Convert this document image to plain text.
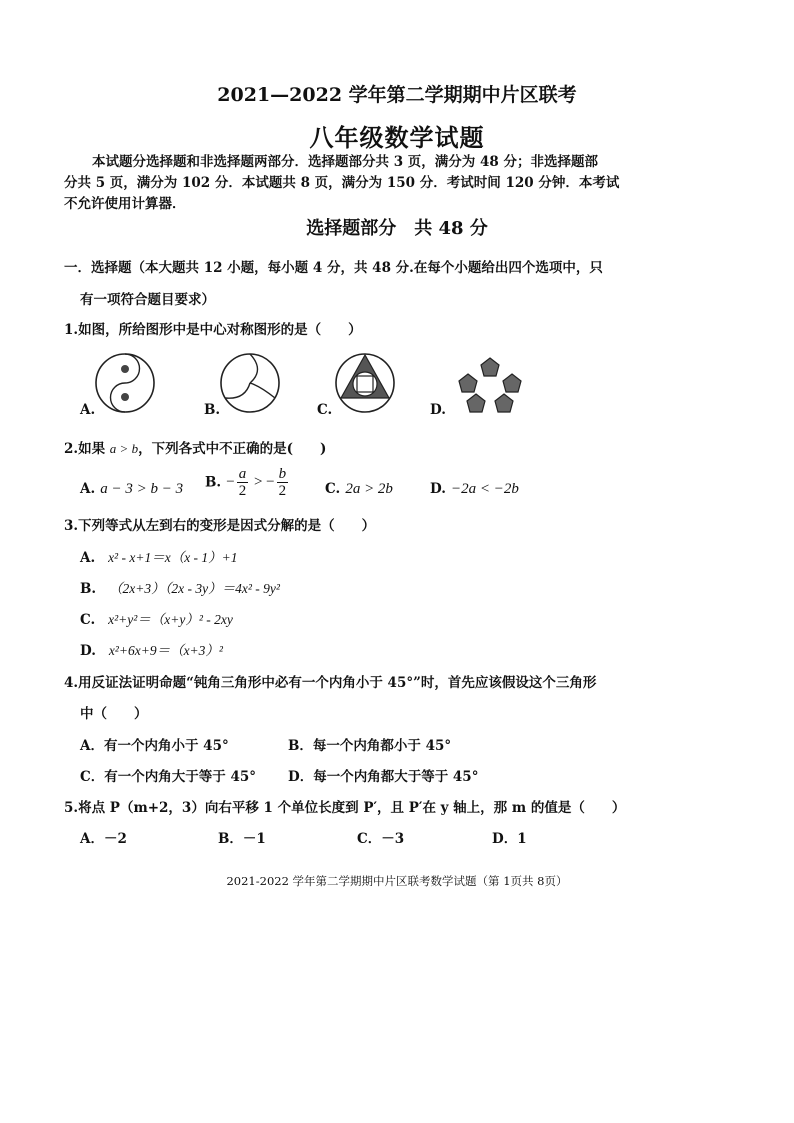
2021—2022 学年第二学期期中片区联考
八年级数学试题
本试题分选择题和非选择题两部分．选择题部分共 3 页，满分为 48 分；非选择题部
分共 5 页，满分为 102 分．本试题共 8 页，满分为 150 分．考试时间 120 分钟．本考试
不允许使用计算器．
选择题部分　共 48 分
一．选择题（本大题共 12 小题，每小题 4 分，共 48 分.在每个小题给出四个选项中，只
有一项符合题目要求）
1.如图，所给图形中是中心对称图形的是（　　）
A.	B.	C.	D.
2.如果 a > b，下列各式中不正确的是(　　)
A. a − 3 > b − 3 B. − $\frac{a}{2}$ > − $\frac{b}{2}$	C. 2a > 2b	D. −2a < −2b
3.下列等式从左到右的变形是因式分解的是（　　）
A. x² - x+1＝x（x - 1）+1
B. （2x+3）（2x - 3y）＝4x² - 9y²
C. x²+y²＝（x+y）² - 2xy
D. x²+6x+9＝（x+3）²
4.用反证法证明命题“钝角三角形中必有一个内角小于 45°”时，首先应该假设这个三角形
中（　　）
A．有一个内角小于 45°	B．每一个内角都小于 45°
C．有一个内角大于等于 45° D．每一个内角都大于等于 45°
5.将点 P（m+2，3）向右平移 1 个单位长度到 P′，且 P′在 y 轴上，那 m 的值是（　　）
A．－2	B．－1	C．－3	D．1
2021-2022 学年第二学期期中片区联考数学试题（第 1页共 8页）
